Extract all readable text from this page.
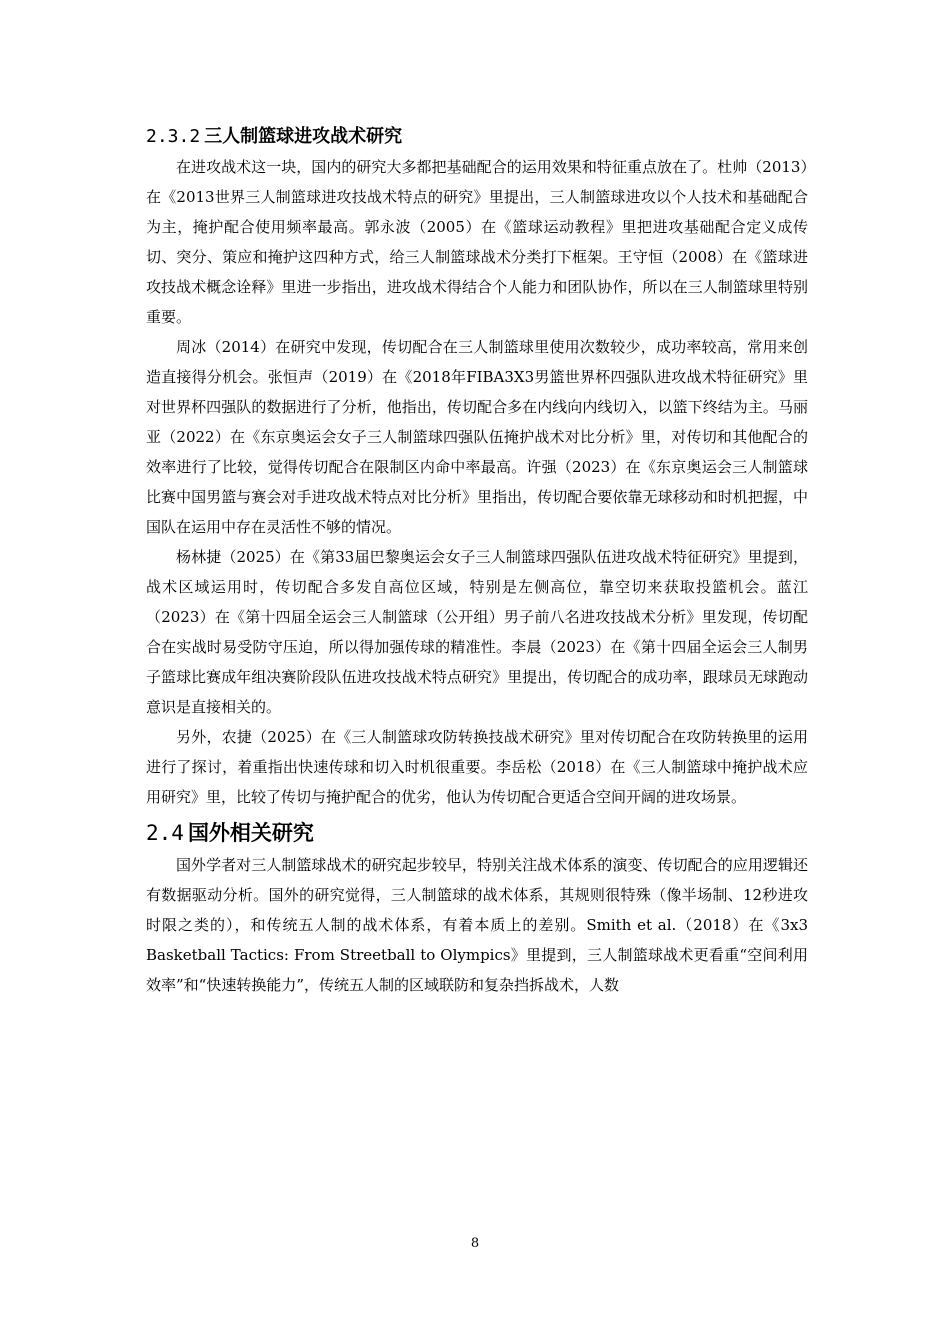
2.3.2 三人制篮球进攻战术研究

在进攻战术这一块，国内的研究大多都把基础配合的运用效果和特征重点放在了。杜帅（2013）在《2013世界三人制篮球进攻技战术特点的研究》里提出，三人制篮球进攻以个人技术和基础配合为主，掩护配合使用频率最高。郭永波（2005）在《篮球运动教程》里把进攻基础配合定义成传切、突分、策应和掩护这四种方式，给三人制篮球战术分类打下框架。王守恒（2008）在《篮球进攻技战术概念诠释》里进一步指出，进攻战术得结合个人能力和团队协作，所以在三人制篮球里特别重要。

周冰（2014）在研究中发现，传切配合在三人制篮球里使用次数较少，成功率较高，常用来创造直接得分机会。张恒声（2019）在《2018年FIBA3X3男篮世界杯四强队进攻战术特征研究》里对世界杯四强队的数据进行了分析，他指出，传切配合多在内线向内线切入，以篮下终结为主。马丽亚（2022）在《东京奥运会女子三人制篮球四强队伍掩护战术对比分析》里，对传切和其他配合的效率进行了比较，觉得传切配合在限制区内命中率最高。许强（2023）在《东京奥运会三人制篮球比赛中国男篮与赛会对手进攻战术特点对比分析》里指出，传切配合要依靠无球移动和时机把握，中国队在运用中存在灵活性不够的情况。

杨林捷（2025）在《第33届巴黎奥运会女子三人制篮球四强队伍进攻战术特征研究》里提到，战术区域运用时，传切配合多发自高位区域，特别是左侧高位，靠空切来获取投篮机会。蓝江（2023）在《第十四届全运会三人制篮球（公开组）男子前八名进攻技战术分析》里发现，传切配合在实战时易受防守压迫，所以得加强传球的精准性。李晨（2023）在《第十四届全运会三人制男子篮球比赛成年组决赛阶段队伍进攻技战术特点研究》里提出，传切配合的成功率，跟球员无球跑动意识是直接相关的。

另外，农捷（2025）在《三人制篮球攻防转换技战术研究》里对传切配合在攻防转换里的运用进行了探讨，着重指出快速传球和切入时机很重要。李岳松（2018）在《三人制篮球中掩护战术应用研究》里，比较了传切与掩护配合的优劣，他认为传切配合更适合空间开阔的进攻场景。

2.4 国外相关研究

国外学者对三人制篮球战术的研究起步较早，特别关注战术体系的演变、传切配合的应用逻辑还有数据驱动分析。国外的研究觉得，三人制篮球的战术体系，其规则很特殊（像半场制、12秒进攻时限之类的），和传统五人制的战术体系，有着本质上的差别。Smith et al.（2018）在《3x3 Basketball Tactics: From Streetball to Olympics》里提到，三人制篮球战术更看重“空间利用效率”和“快速转换能力”，传统五人制的区域联防和复杂挡拆战术，人数

8
